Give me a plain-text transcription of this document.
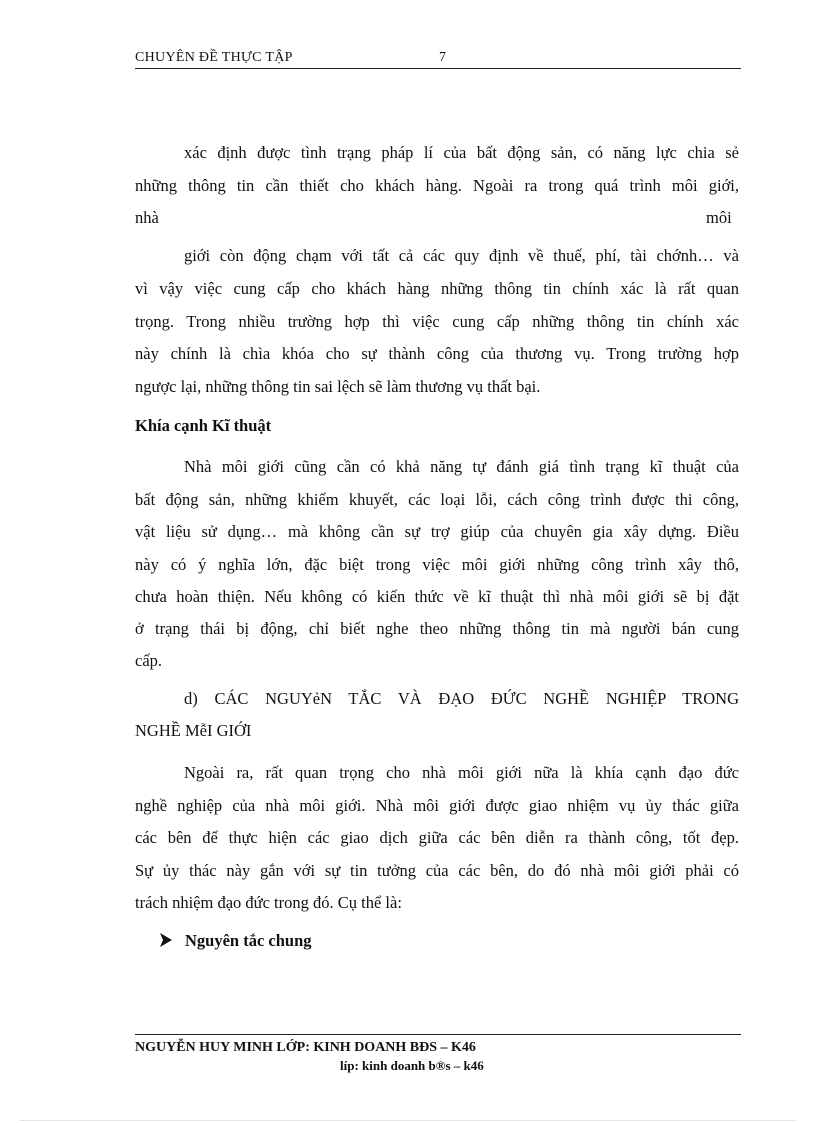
CHUYÊN ĐỀ THỰC TẬP	7
xác định được tình trạng pháp lí của bất động sản, có năng lực chia sẻ
những thông tin cần thiết cho khách hàng. Ngoài ra trong quá trình môi giới,
nhà	môi
giới còn động chạm với tất cả các quy định về thuế, phí, tài chớnh… và
vì vậy việc cung cấp cho khách hàng những thông tin chính xác là rất quan
trọng. Trong nhiều trường hợp thì việc cung cấp những thông tin chính xác
này chính là chìa khóa cho sự thành công của thương vụ. Trong trường hợp
ngược lại, những thông tin sai lệch sẽ làm thương vụ thất bại.
Khía cạnh Kĩ thuật
Nhà môi giới cũng cần có khả năng tự đánh giá tình trạng kĩ thuật của
bất động sản, những khiếm khuyết, các loại lỗi, cách công trình được thi công,
vật liệu sử dụng… mà không cần sự trợ giúp của chuyên gia xây dựng. Điều
này có ý nghĩa lớn, đặc biệt trong việc môi giới những công trình xây thô,
chưa hoàn thiện. Nếu không có kiến thức về kĩ thuật thì nhà môi giới sẽ bị đặt
ở trạng thái bị động, chỉ biết nghe theo những thông tin mà người bán cung
cấp.
d) CÁC NGUYẻN TẮC VÀ ĐẠO ĐỨC NGHỀ NGHIỆP TRONG
NGHỀ MễI GIỚI
Ngoài ra, rất quan trọng cho nhà môi giới nữa là khía cạnh đạo đức
nghề nghiệp của nhà môi giới. Nhà môi giới được giao nhiệm vụ ủy thác giữa
các bên để thực hiện các giao dịch giữa các bên diễn ra thành công, tốt đẹp.
Sự ủy thác này gắn với sự tin tưởng của các bên, do đó nhà môi giới phải có
trách nhiệm đạo đức trong đó. Cụ thể là:
Nguyên tắc chung
NGUYỄN HUY MINH LỚP: KINH DOANH BĐS – K46
líp: kinh doanh b®s – k46
